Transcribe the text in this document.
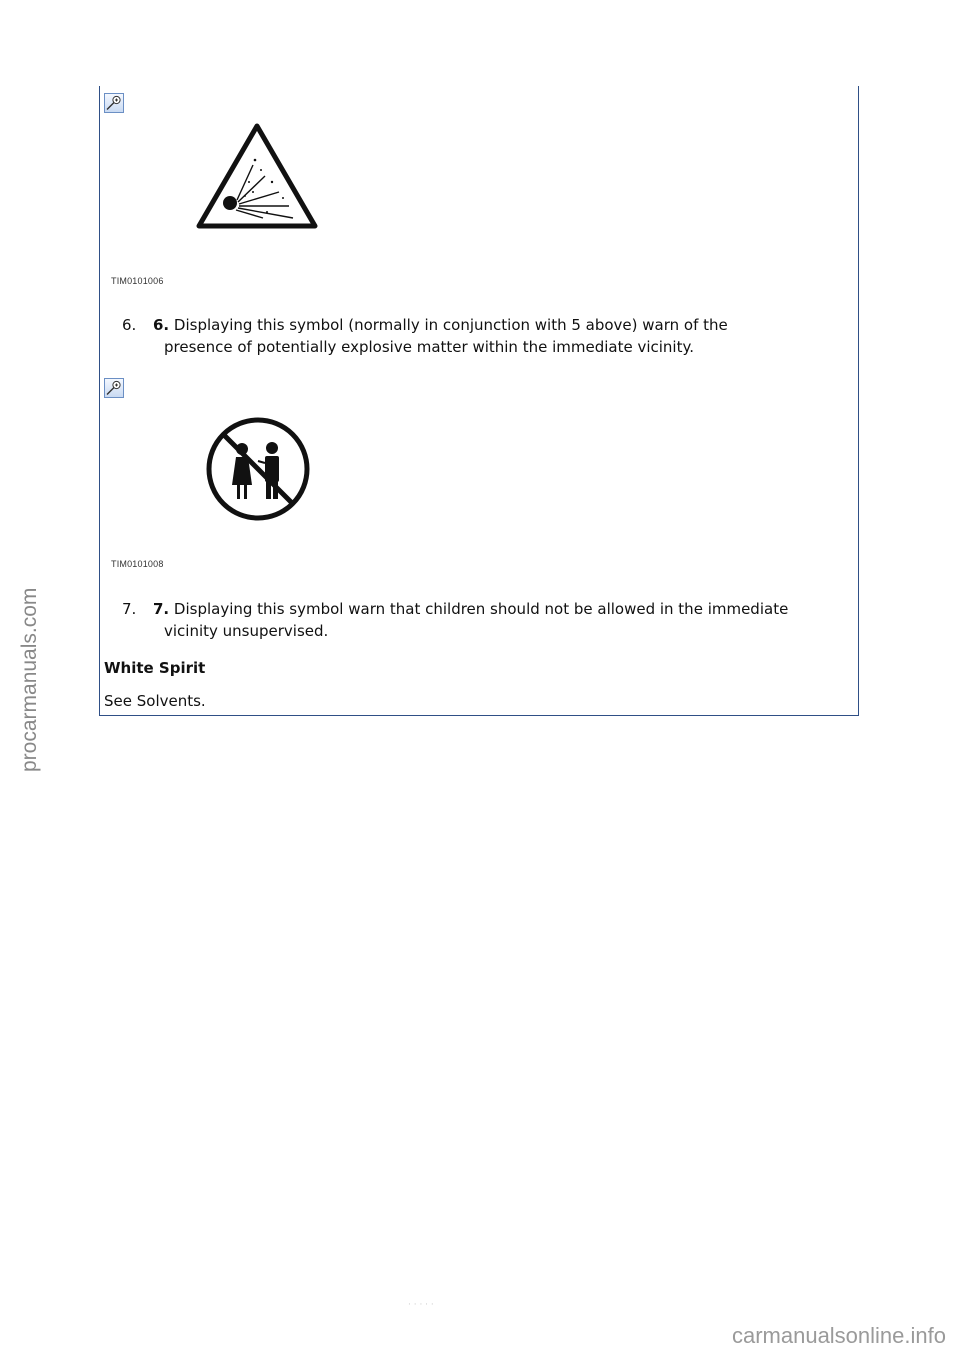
TIM0101006
6. 6. Displaying this symbol (normally in conjunction with 5 above) warn of the
presence of potentially explosive matter within the immediate vicinity.
TIM0101008
7. 7. Displaying this symbol warn that children should not be allowed in the immediate
vicinity unsupervised.
White Spirit
See Solvents.
· · · · ·
procarmanuals.com
carmanualsonline.info
